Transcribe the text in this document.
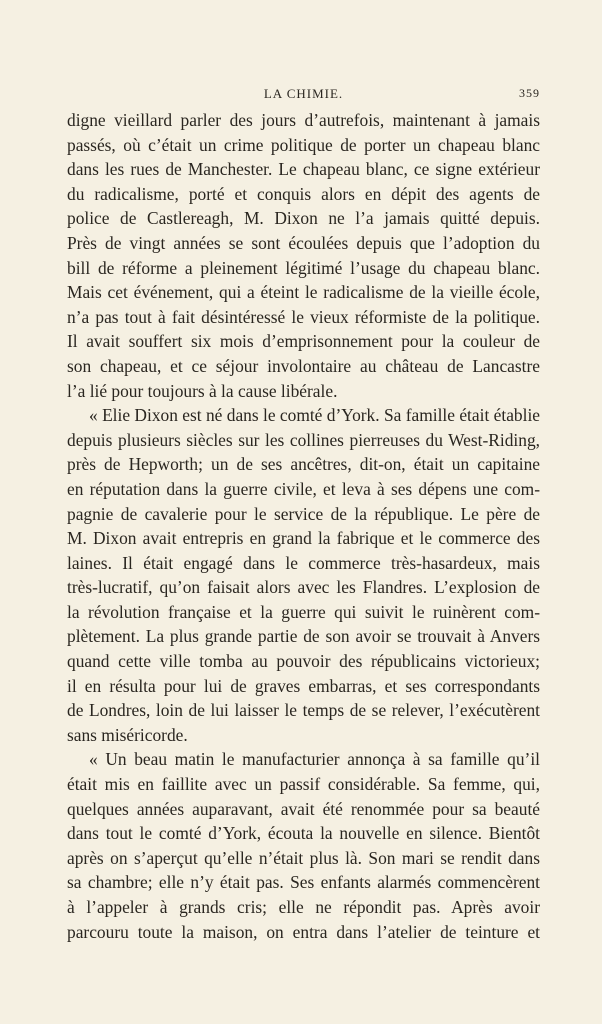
LA CHIMIE.	359
digne vieillard parler des jours d’autrefois, maintenant à jamais
passés, où c’était un crime politique de porter un chapeau blanc
dans les rues de Manchester. Le chapeau blanc, ce signe extérieur
du radicalisme, porté et conquis alors en dépit des agents de
police de Castlereagh, M. Dixon ne l’a jamais quitté depuis.
Près de vingt années se sont écoulées depuis que l’adoption du
bill de réforme a pleinement légitimé l’usage du chapeau blanc.
Mais cet événement, qui a éteint le radicalisme de la vieille école,
n’a pas tout à fait désintéressé le vieux réformiste de la politique.
Il avait souffert six mois d’emprisonnement pour la couleur de
son chapeau, et ce séjour involontaire au château de Lancastre
l’a lié pour toujours à la cause libérale.
« Elie Dixon est né dans le comté d’York. Sa famille était établie
depuis plusieurs siècles sur les collines pierreuses du West-Riding,
près de Hepworth; un de ses ancêtres, dit-on, était un capitaine
en réputation dans la guerre civile, et leva à ses dépens une com-
pagnie de cavalerie pour le service de la république. Le père de
M. Dixon avait entrepris en grand la fabrique et le commerce des
laines. Il était engagé dans le commerce très-hasardeux, mais
très-lucratif, qu’on faisait alors avec les Flandres. L’explosion de
la révolution française et la guerre qui suivit le ruinèrent com-
plètement. La plus grande partie de son avoir se trouvait à Anvers
quand cette ville tomba au pouvoir des républicains victorieux;
il en résulta pour lui de graves embarras, et ses correspondants
de Londres, loin de lui laisser le temps de se relever, l’exécutèrent
sans miséricorde.
« Un beau matin le manufacturier annonça à sa famille qu’il
était mis en faillite avec un passif considérable. Sa femme, qui,
quelques années auparavant, avait été renommée pour sa beauté
dans tout le comté d’York, écouta la nouvelle en silence. Bientôt
après on s’aperçut qu’elle n’était plus là. Son mari se rendit dans
sa chambre; elle n’y était pas. Ses enfants alarmés commencèrent
à l’appeler à grands cris; elle ne répondit pas. Après avoir
parcouru toute la maison, on entra dans l’atelier de teinture et
